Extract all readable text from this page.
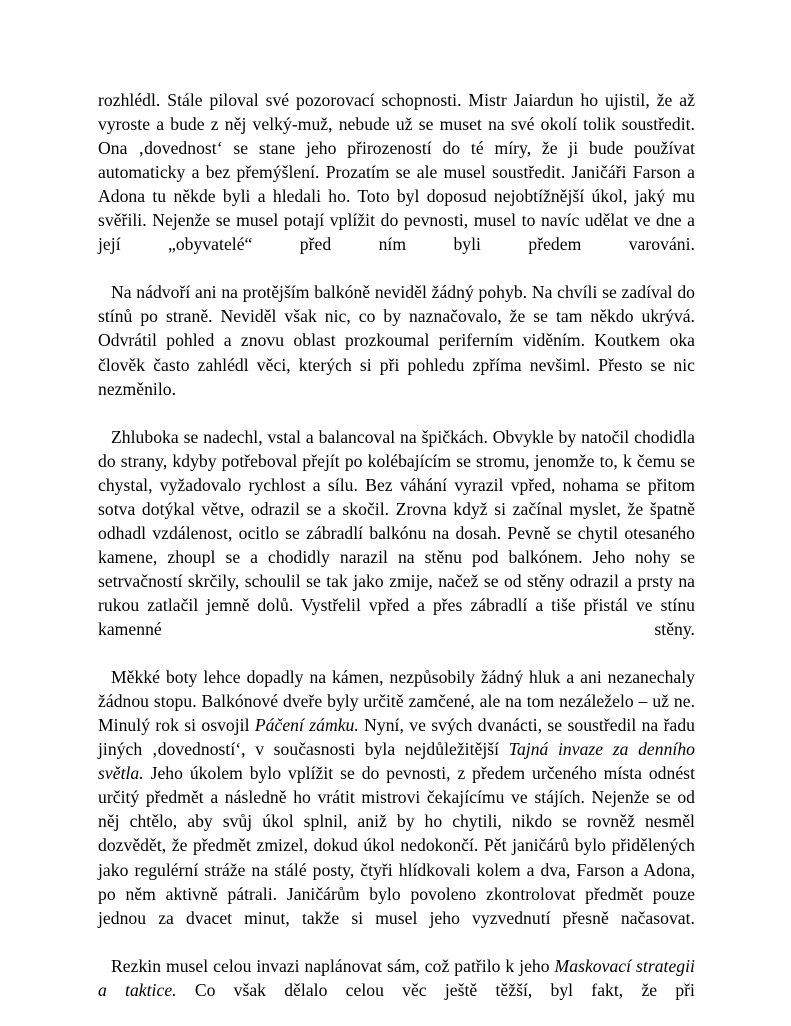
rozhlédl. Stále piloval své pozorovací schopnosti. Mistr Jaiardun ho ujistil, že až vyroste a bude z něj velký-muž, nebude už se muset na své okolí tolik soustředit. Ona ‚dovednost‘ se stane jeho přirozeností do té míry, že ji bude používat automaticky a bez přemýšlení. Prozatím se ale musel soustředit. Janičáři Farson a Adona tu někde byli a hledali ho. Toto byl doposud nejobtížnější úkol, jaký mu svěřili. Nejenže se musel potají vplížit do pevnosti, musel to navíc udělat ve dne a její „obyvatelé“ před ním byli předem varováni.

Na nádvoří ani na protějším balkóně neviděl žádný pohyb. Na chvíli se zadíval do stínů po straně. Neviděl však nic, co by naznačovalo, že se tam někdo ukrývá. Odvrátil pohled a znovu oblast prozkoumal periferním viděním. Koutkem oka člověk často zahlédl věci, kterých si při pohledu zpříma nevšiml. Přesto se nic nezměnilo.

Zhluboka se nadechl, vstal a balancoval na špičkách. Obvykle by natočil chodidla do strany, kdyby potřeboval přejít po kolébajícím se stromu, jenomže to, k čemu se chystal, vyžadovalo rychlost a sílu. Bez váhání vyrazil vpřed, nohama se přitom sotva dotýkal větve, odrazil se a skočil. Zrovna když si začínal myslet, že špatně odhadl vzdálenost, ocitlo se zábradlí balkónu na dosah. Pevně se chytil otesaného kamene, zhoupl se a chodidly narazil na stěnu pod balkónem. Jeho nohy se setrvačností skrčily, schoulil se tak jako zmije, načež se od stěny odrazil a prsty na rukou zatlačil jemně dolů. Vystřelil vpřed a přes zábradlí a tiše přistál ve stínu kamenné stěny.

Měkké boty lehce dopadly na kámen, nezpůsobily žádný hluk a ani nezanechaly žádnou stopu. Balkónové dveře byly určitě zamčené, ale na tom nezáleželo – už ne. Minulý rok si osvojil Páčení zámku. Nyní, ve svých dvanácti, se soustředil na řadu jiných ‚dovedností‘, v současnosti byla nejdůležitější Tajná invaze za denního světla. Jeho úkolem bylo vplížit se do pevnosti, z předem určeného místa odnést určitý předmět a následně ho vrátit mistrovi čekajícímu ve stájích. Nejenže se od něj chtělo, aby svůj úkol splnil, aniž by ho chytili, nikdo se rovněž nesměl dozvědět, že předmět zmizel, dokud úkol nedokončí. Pět janičárů bylo přidělených jako regulérní stráže na stálé posty, čtyři hlídkovali kolem a dva, Farson a Adona, po něm aktivně pátrali. Janičárům bylo povoleno zkontrolovat předmět pouze jednou za dvacet minut, takže si musel jeho vyzvednutí přesně načasovat.

Rezkin musel celou invazi naplánovat sám, což patřilo k jeho Maskovací strategii a taktice. Co však dělalo celou věc ještě těžší, byl fakt, že při
